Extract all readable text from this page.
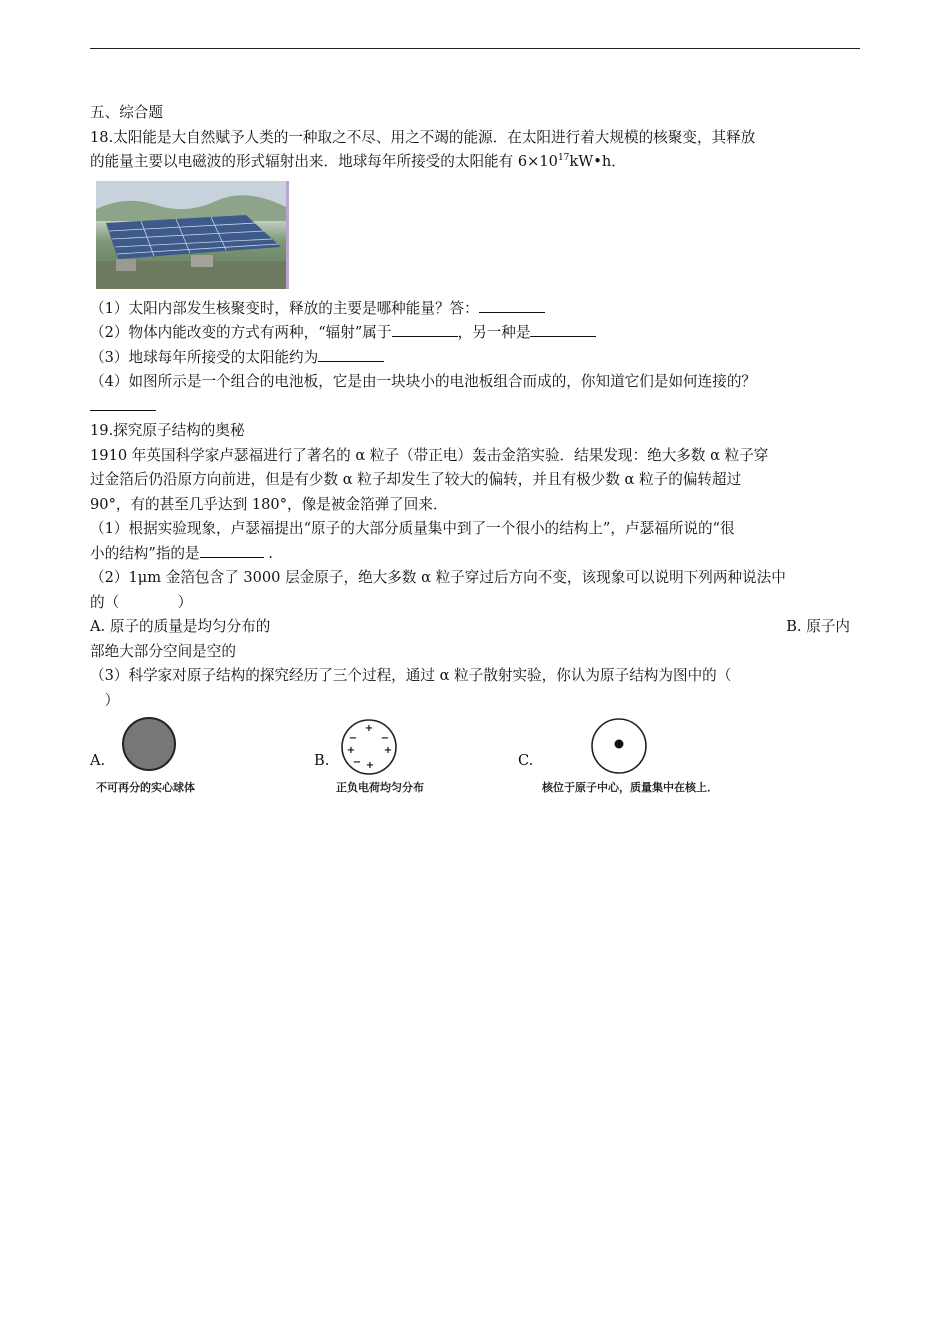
五、综合题
18.太阳能是大自然赋予人类的一种取之不尽、用之不竭的能源．在太阳进行着大规模的核聚变，其释放
的能量主要以电磁波的形式辐射出来．地球每年所接受的太阳能有 $6\times 10^{17}kW•h$．
（1）太阳内部发生核聚变时，释放的主要是哪种能量？答：
（2）物体内能改变的方式有两种，“辐射”属于	，另一种是
（3）地球每年所接受的太阳能约为
（4）如图所示是一个组合的电池板，它是由一块块小的电池板组合而成的，你知道它们是如何连接的？
19.探究原子结构的奥秘
1910 年英国科学家卢瑟福进行了著名的 α 粒子（带正电）轰击金箔实验．结果发现：绝大多数 α 粒子穿
过金箔后仍沿原方向前进，但是有少数 α 粒子却发生了较大的偏转，并且有极少数 α 粒子的偏转超过
90°，有的甚至几乎达到 180°，像是被金箔弹了回来．
（1）根据实验现象，卢瑟福提出“原子的大部分质量集中到了一个很小的结构上”，卢瑟福所说的“很
小的结构”指的是	.
（2）1μm 金箔包含了 3000 层金原子，绝大多数 α 粒子穿过后方向不变，该现象可以说明下列两种说法中
的（　　　　）
A. 原子的质量是均匀分布的	B. 原子内
部绝大部分空间是空的
（3）科学家对原子结构的探究经历了三个过程，通过 α 粒子散射实验，你认为原子结构为图中的（
　）
A.
不可再分的实心球体
B.
+
− −
+	+
− +
正负电荷均匀分布
C.
核位于原子中心，质量集中在核上．
